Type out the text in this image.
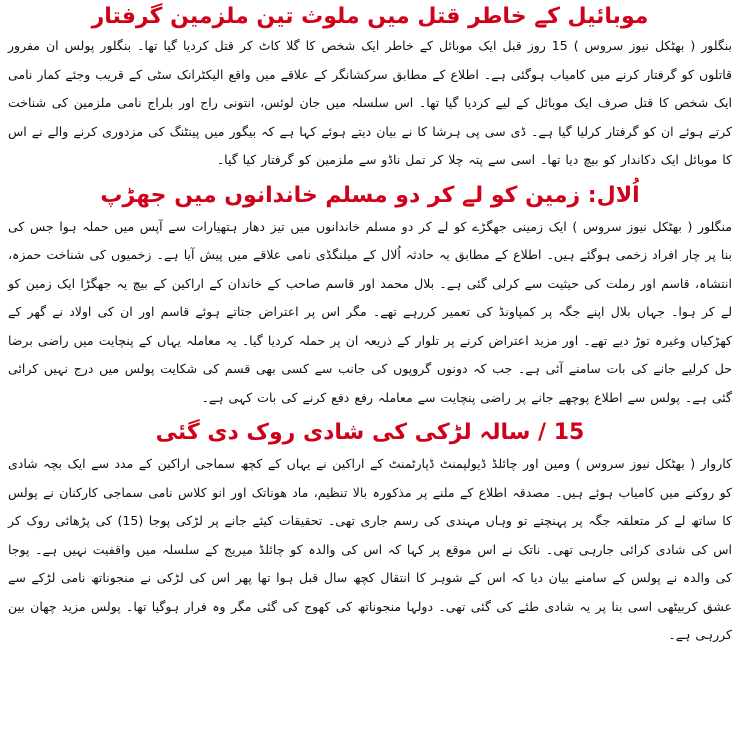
موبائیل کے خاطر قتل میں ملوث تین ملزمین گرفتار

بنگلور ( بھٹکل نیوز سروس ) 15 روز قبل ایک موبائل کے خاطر ایک شخص کا گلا کاٹ کر قتل کردیا گیا تھا۔ بنگلور پولس ان مفرور قاتلوں کو گرفتار کرنے میں کامیاب ہوگئی ہے۔ اطلاع کے مطابق سرکشانگر کے علاقے میں واقع الیکٹرانک سٹی کے قریب وجئے کمار نامی ایک شخص کا قتل صرف ایک موبائل کے لیے کردیا گیا تھا۔ اس سلسلہ میں جان لوئس، انتونی راج اور بلراج نامی ملزمین کی شناخت کرتے ہوئے ان کو گرفتار کرلیا گیا ہے۔ ڈی سی پی ہرشا کا نے بیان دیتے ہوئے کہا ہے کہ بیگور میں پینٹنگ کی مزدوری کرنے والے نے اس کا موبائل ایک دکاندار کو بیچ دیا تھا۔ اسی سے پتہ چلا کر تمل ناڈو سے ملزمین کو گرفتار کیا گیا۔

اُلال: زمین کو لے کر دو مسلم خاندانوں میں جھڑپ

منگلور ( بھٹکل نیوز سروس ) ایک زمینی جھگڑے کو لے کر دو مسلم خاندانوں میں تیز دھار ہتھیارات سے آپس میں حملہ ہوا جس کی بنا پر چار افراد زخمی ہوگئے ہیں۔ اطلاع کے مطابق یہ حادثہ اُلال کے میلنگڈی نامی علاقے میں پیش آیا ہے۔ زخمیوں کی شناخت حمزہ، انتشاہ، قاسم اور رملت کی حیثیت سے کرلی گئی ہے۔ بلال محمد اور قاسم صاحب کے خاندان کے اراکین کے بیچ یہ جھگڑا ایک زمین کو لے کر ہوا۔ جہاں بلال اپنے جگہ پر کمپاونڈ کی تعمیر کررہے تھے۔ مگر اس پر اعتراض جتاتے ہوئے قاسم اور ان کی اولاد نے گھر کے کھڑکیاں وغیرہ توڑ دیے تھے۔ اور مزید اعتراض کرنے پر تلوار کے ذریعہ ان پر حملہ کردیا گیا۔ یہ معاملہ یہاں کے پنچایت میں راضی برضا حل کرلیے جانے کی بات سامنے آئی ہے۔ جب کہ دونوں گروپوں کی جانب سے کسی بھی قسم کی شکایت پولس میں درج نہیں کرائی گئی ہے۔ پولس سے اطلاع پوچھے جانے پر راضی پنچایت سے معاملہ رفع دفع کرنے کی بات کہی ہے۔

15 / سالہ لڑکی کی شادی روک دی گئی

کاروار ( بھٹکل نیوز سروس ) ومین اور چائلڈ ڈیولپمنٹ ڈپارٹمنٹ کے اراکین نے یہاں کے کچھ سماجی اراکین کے مدد سے ایک بچہ شادی کو روکنے میں کامیاب ہوئے ہیں۔ مصدقہ اطلاع کے ملنے پر مذکورہ بالا تنظیم، ماد ھوناتک اور انو کلاس نامی سماجی کارکنان نے پولس کا ساتھ لے کر متعلقہ جگہ پر پہنچتے تو وہاں مہندی کی رسم جاری تھی۔ تحقیقات کیئے جانے پر لڑکی پوجا (15) کی پڑھائی روک کر اس کی شادی کرائی جارہی تھی۔ ناتک نے اس موقع پر کہا کہ اس کی والدہ کو چائلڈ میریج کے سلسلہ میں واقفیت نہیں ہے۔ پوجا کی والدہ نے پولس کے سامنے بیان دیا کہ اس کے شوہر کا انتقال کچھ سال قبل ہوا تھا پھر اس کی لڑکی نے منجوناتھ نامی لڑکے سے عشق کربیٹھی اسی بنا پر یہ شادی طئے کی گئی تھی۔ دولہا منجوناتھ کی کھوج کی گئی مگر وہ فرار ہوگیا تھا۔ پولس مزید چھان بین کررہی ہے۔
